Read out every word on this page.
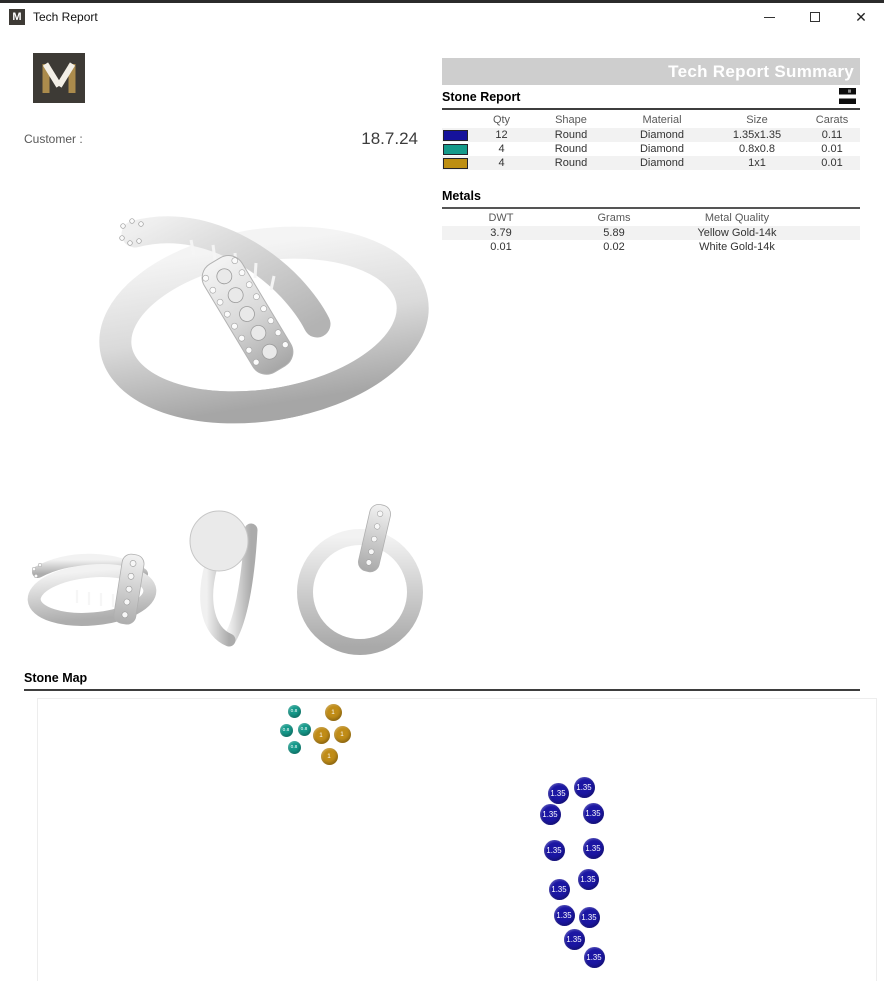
M Tech Report	✕
Customer :	18.7.24
Tech Report Summary
Stone Report
	Qty	Shape	Material	Size	Carats

	12	Round	Diamond	1.35x1.35	0.11

	4	Round	Diamond	0.8x0.8	0.01

	4	Round	Diamond	1x1	0.01
Metals
DWT	Grams	Metal Quality	
3.79	5.89	Yellow Gold-14k	
0.01	0.02	White Gold-14k	
Stone Map
0.8
0.8	0.8
0.8
1
1	1
1
1.35
1.35
1.35	1.35
1.35	1.35
1.35
1.35
1.35	1.35
1.35
1.35
